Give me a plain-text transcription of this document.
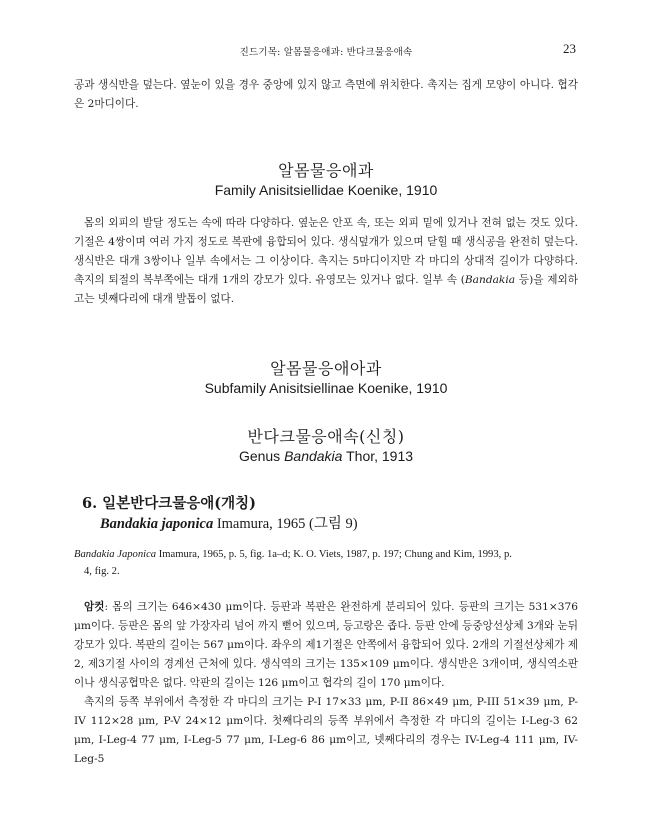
진드기목: 알몸물응애과: 반다크물응애속	23

공과 생식반을 덮는다. 옆눈이 있을 경우 중앙에 있지 않고 측면에 위치한다. 촉지는 집게 모양이 아니다. 협각은 2마디이다.

알몸물응애과
Family Anisitsiellidae Koenike, 1910

몸의 외피의 발달 정도는 속에 따라 다양하다. 옆눈은 안포 속, 또는 외피 밑에 있거나 전혀 없는 것도 있다. 기절은 4쌍이며 여러 가지 정도로 복판에 융합되어 있다. 생식덮개가 있으며 닫힐 때 생식공을 완전히 덮는다. 생식반은 대개 3쌍이나 일부 속에서는 그 이상이다. 촉지는 5마디이지만 각 마디의 상대적 길이가 다양하다. 촉지의 퇴절의 복부쪽에는 대개 1개의 강모가 있다. 유영모는 있거나 없다. 일부 속 (Bandakia 등)을 제외하고는 넷째다리에 대개 발톱이 없다.

알몸물응애아과
Subfamily Anisitsiellinae Koenike, 1910
반다크물응애속(신칭)
Genus Bandakia Thor, 1913
6. 일본반다크물응애(개칭)
Bandakia japonica Imamura, 1965 (그림 9)
Bandakia Japonica Imamura, 1965, p. 5, fig. 1a–d; K. O. Viets, 1987, p. 197; Chung and Kim, 1993, p.
4, fig. 2.

암컷: 몸의 크기는 646×430 μm이다. 등판과 복판은 완전하게 분리되어 있다. 등판의 크기는 531×376 μm이다. 등판은 몸의 앞 가장자리 넘어 까지 뻗어 있으며, 등고랑은 좁다. 등판 안에 등중앙선상체 3개와 눈뒤강모가 있다. 복판의 길이는 567 μm이다. 좌우의 제1기절은 안쪽에서 융합되어 있다. 2개의 기절선상체가 제2, 제3기절 사이의 경계선 근처에 있다. 생식역의 크기는 135×109 μm이다. 생식반은 3개이며, 생식역소판이나 생식공협막은 없다. 악판의 길이는 126 μm이고 협각의 길이 170 μm이다.

촉지의 등쪽 부위에서 측정한 각 마디의 크기는 P-I 17×33 μm, P-II 86×49 μm, P-III 51×39 μm, P-IV 112×28 μm, P-V 24×12 μm이다. 첫째다리의 등쪽 부위에서 측정한 각 마디의 길이는 I-Leg-3 62 μm, I-Leg-4 77 μm, I-Leg-5 77 μm, I-Leg-6 86 μm이고, 넷째다리의 경우는 IV-Leg-4 111 μm, IV-Leg-5
